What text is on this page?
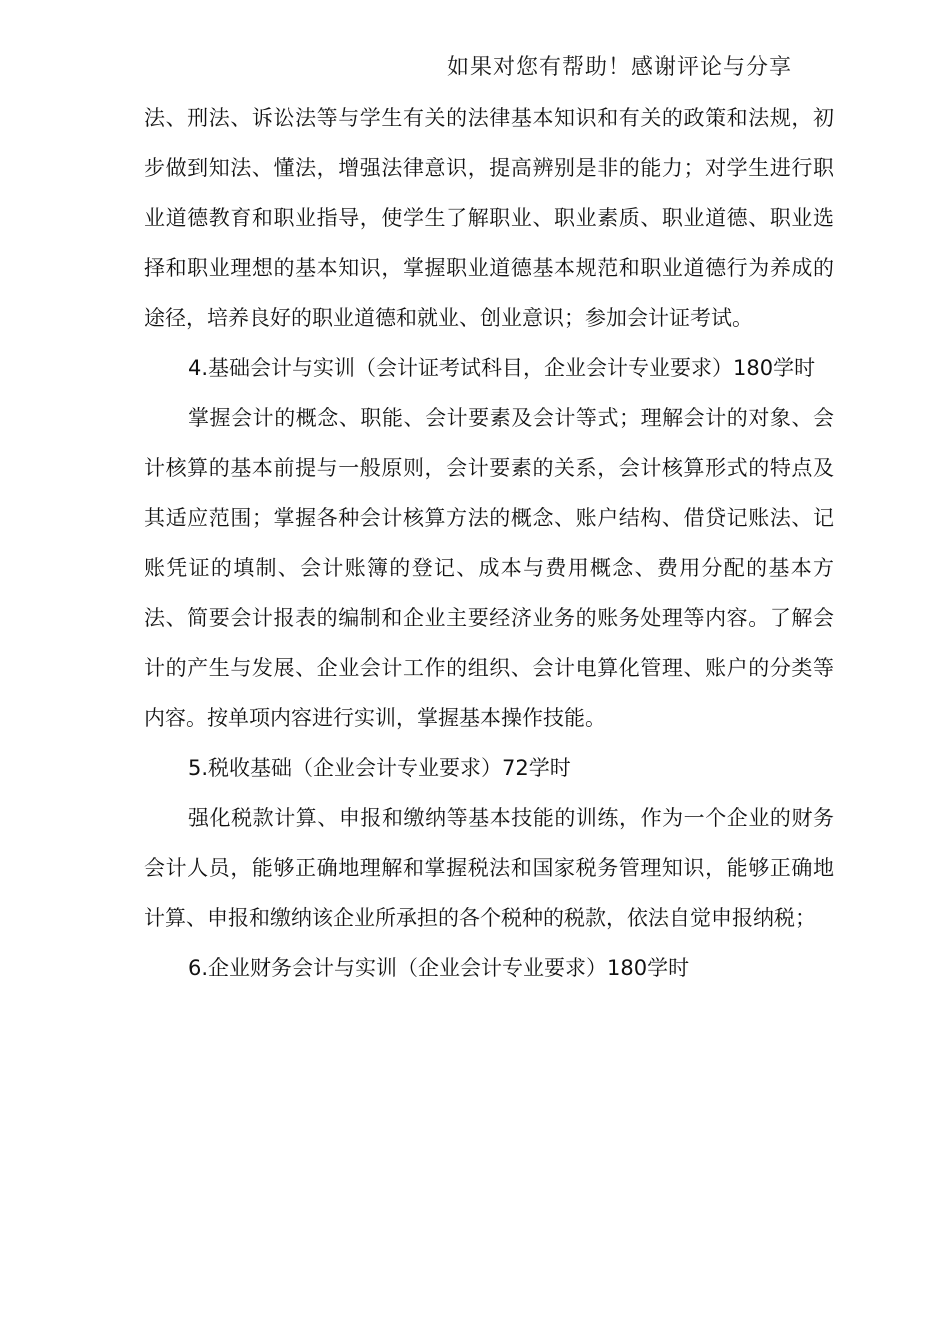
如果对您有帮助！感谢评论与分享

法、刑法、诉讼法等与学生有关的法律基本知识和有关的政策和法规，初步做到知法、懂法，增强法律意识，提高辨别是非的能力；对学生进行职业道德教育和职业指导，使学生了解职业、职业素质、职业道德、职业选择和职业理想的基本知识，掌握职业道德基本规范和职业道德行为养成的途径，培养良好的职业道德和就业、创业意识；参加会计证考试。

4.基础会计与实训（会计证考试科目，企业会计专业要求）180学时

掌握会计的概念、职能、会计要素及会计等式；理解会计的对象、会计核算的基本前提与一般原则，会计要素的关系，会计核算形式的特点及其适应范围；掌握各种会计核算方法的概念、账户结构、借贷记账法、记账凭证的填制、会计账簿的登记、成本与费用概念、费用分配的基本方法、简要会计报表的编制和企业主要经济业务的账务处理等内容。了解会计的产生与发展、企业会计工作的组织、会计电算化管理、账户的分类等内容。按单项内容进行实训，掌握基本操作技能。

5.税收基础（企业会计专业要求）72学时

强化税款计算、申报和缴纳等基本技能的训练，作为一个企业的财务会计人员，能够正确地理解和掌握税法和国家税务管理知识，能够正确地计算、申报和缴纳该企业所承担的各个税种的税款，依法自觉申报纳税；

6.企业财务会计与实训（企业会计专业要求）180学时
